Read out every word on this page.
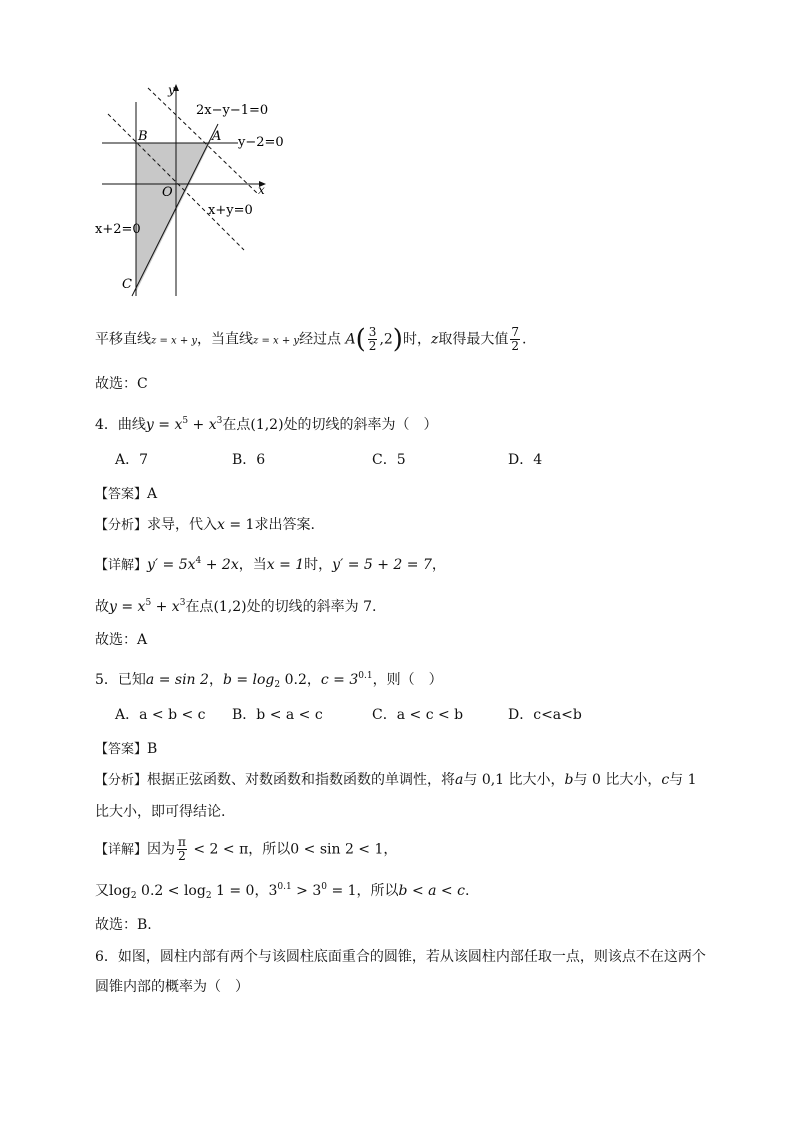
y
x
O
A
B
C
2x−y−1=0
y−2=0
x+y=0
x+2=0
平移直线z = x + y，当直线z = x + y经过点 $A( \frac{3}{2} ,2)$时，z取得最大值 $\frac{7}{2}$ .
故选：C
4．曲线$y = x^5 + x^3$在点(1,2)处的切线的斜率为（　）
A．7	B．6	C．5	D．4
【答案】A
【分析】求导，代入x = 1求出答案.
【详解】$y' = 5x^4 + 2x$，当x = 1时，y′ = 5 + 2 = 7，
故$y = x^5 + x^3$在点(1,2)处的切线的斜率为 7.
故选：A
5．已知a = sin 2，$b = \log_2 0.2$，$c = 3^{0.1}$，则（　）
A．a < b < c B．b < a < c	C．a < c < b	D．c<a<b
【答案】B
【分析】根据正弦函数、对数函数和指数函数的单调性，将a与 0,1 比大小，b与 0 比大小，c与 1
比大小，即可得结论.
【详解】因为 $\frac{\pi}{2} < 2 < \pi$，所以0 < sin 2 < 1，
又$\log_2 0.2 < \log_2 1 = 0$，$3^{0.1} > 3^0 = 1$，所以b < a < c.
故选：B.
6．如图，圆柱内部有两个与该圆柱底面重合的圆锥，若从该圆柱内部任取一点，则该点不在这两个
圆锥内部的概率为（　）
